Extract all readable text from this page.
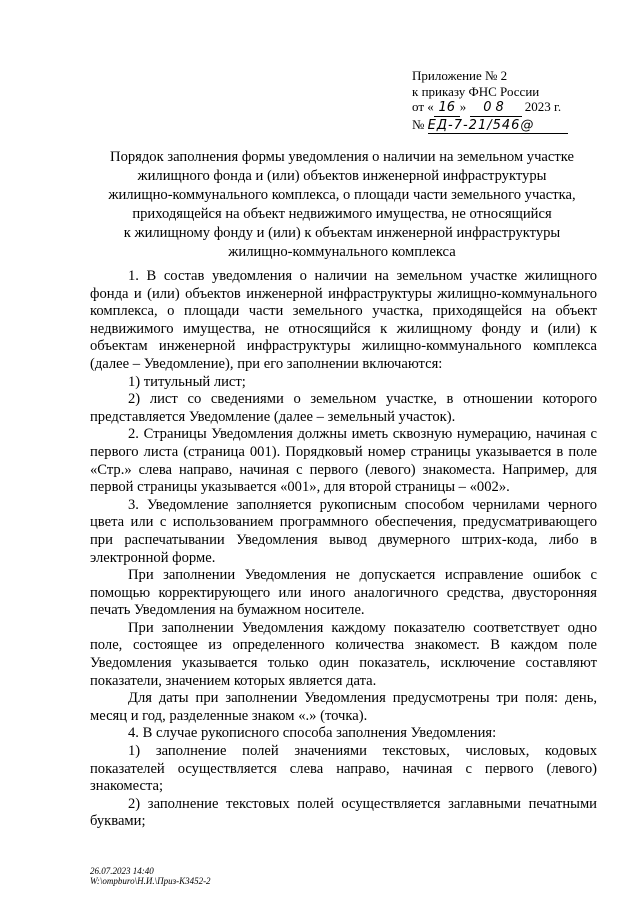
Приложение № 2
к приказу ФНС России
от « 16 » 08 2023 г.
№ ЕД-7-21/546@
Порядок заполнения формы уведомления о наличии на земельном участке
жилищного фонда и (или) объектов инженерной инфраструктуры
жилищно-коммунального комплекса, о площади части земельного участка,
приходящейся на объект недвижимого имущества, не относящийся
к жилищному фонду и (или) к объектам инженерной инфраструктуры
жилищно-коммунального комплекса

1. В состав уведомления о наличии на земельном участке жилищного фонда и (или) объектов инженерной инфраструктуры жилищно-коммунального комплекса, о площади части земельного участка, приходящейся на объект недвижимого имущества, не относящийся к жилищному фонду и (или) к объектам инженерной инфраструктуры жилищно-коммунального комплекса (далее – Уведомление), при его заполнении включаются:

1) титульный лист;

2) лист со сведениями о земельном участке, в отношении которого представляется Уведомление (далее – земельный участок).

2. Страницы Уведомления должны иметь сквозную нумерацию, начиная с первого листа (страница 001). Порядковый номер страницы указывается в поле «Стр.» слева направо, начиная с первого (левого) знакоместа. Например, для первой страницы указывается «001», для второй страницы – «002».

3. Уведомление заполняется рукописным способом чернилами черного цвета или с использованием программного обеспечения, предусматривающего при распечатывании Уведомления вывод двумерного штрих-кода, либо в электронной форме.

При заполнении Уведомления не допускается исправление ошибок с помощью корректирующего или иного аналогичного средства, двусторонняя печать Уведомления на бумажном носителе.

При заполнении Уведомления каждому показателю соответствует одно поле, состоящее из определенного количества знакомест. В каждом поле Уведомления указывается только один показатель, исключение составляют показатели, значением которых является дата.

Для даты при заполнении Уведомления предусмотрены три поля: день, месяц и год, разделенные знаком «.» (точка).

4. В случае рукописного способа заполнения Уведомления:

1) заполнение полей значениями текстовых, числовых, кодовых показателей осуществляется слева направо, начиная с первого (левого) знакоместа;

2) заполнение текстовых полей осуществляется заглавными печатными буквами;

26.07.2023 14:40
W:\ompburo\Н.И.\Приз-К3452-2
